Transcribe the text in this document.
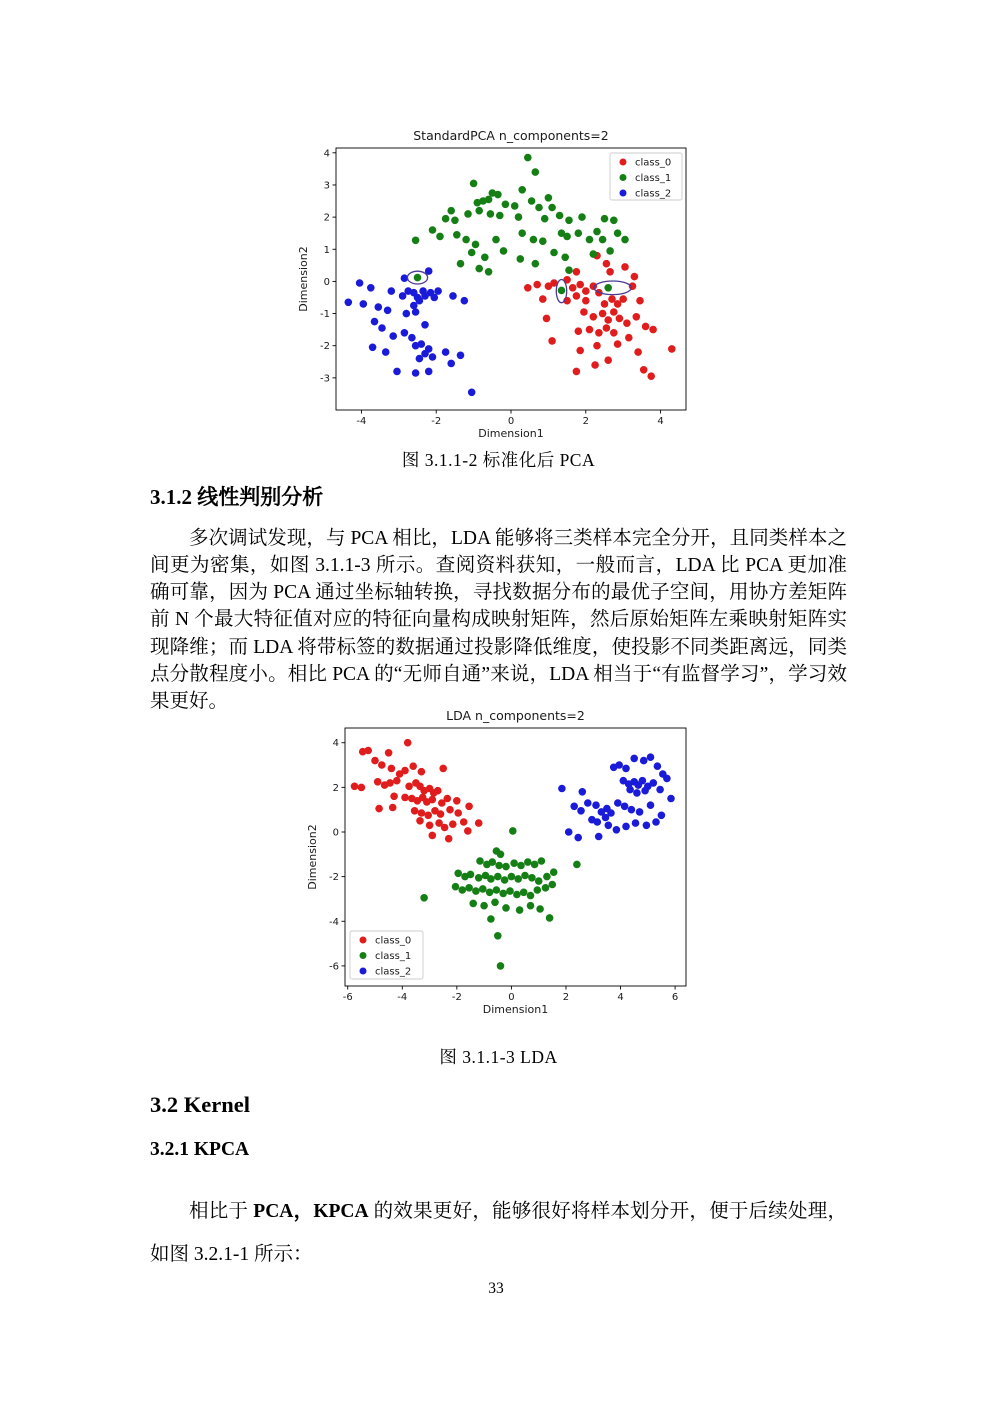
StandardPCA n_components=2
-4	-2	0	2	4
-3
-2
-1
0
1
2
3
4
Dimension1
Dimension2
class_0
class_1
class_2
图 3.1.1-2 标准化后 PCA
3.1.2 线性判别分析

多次调试发现，与 PCA 相比，LDA 能够将三类样本完全分开，且同类样本之间更为密集，如图 3.1.1-3 所示。查阅资料获知，一般而言，LDA 比 PCA 更加准确可靠，因为 PCA 通过坐标轴转换，寻找数据分布的最优子空间，用协方差矩阵前 N 个最大特征值对应的特征向量构成映射矩阵，然后原始矩阵左乘映射矩阵实现降维；而 LDA 将带标签的数据通过投影降低维度，使投影不同类距离远，同类点分散程度小。相比 PCA 的“无师自通”来说，LDA 相当于“有监督学习”，学习效果更好。

LDA n_components=2
-6	-4	-2	0	2	4	6
-6
-4
-2
0
2
4
Dimension1
Dimension2
class_0
class_1
class_2
图 3.1.1-3 LDA
3.2 Kernel
3.2.1 KPCA

相比于 PCA，KPCA 的效果更好，能够很好将样本划分开，便于后续处理，如图 3.2.1-1 所示：

33
